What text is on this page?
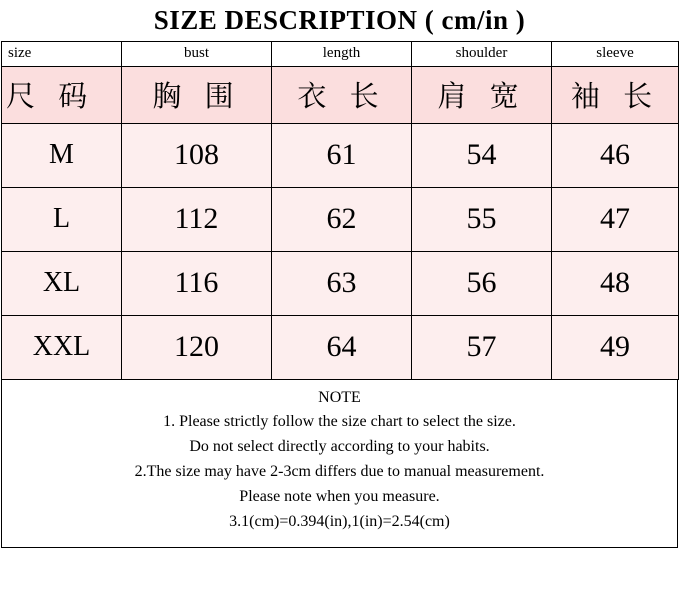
SIZE DESCRIPTION ( cm/in )
size	bust	length	shoulder	sleeve
尺 码	胸 围	衣 长	肩 宽	袖 长
M	108	61	54	46
L	112	62	55	47
XL	116	63	56	48
XXL	120	64	57	49
NOTE
1. Please strictly follow the size chart to select the size.
Do not select directly according to your habits.
2.The size may have 2-3cm differs due to manual measurement.
Please note when you measure.
3.1(cm)=0.394(in),1(in)=2.54(cm)
